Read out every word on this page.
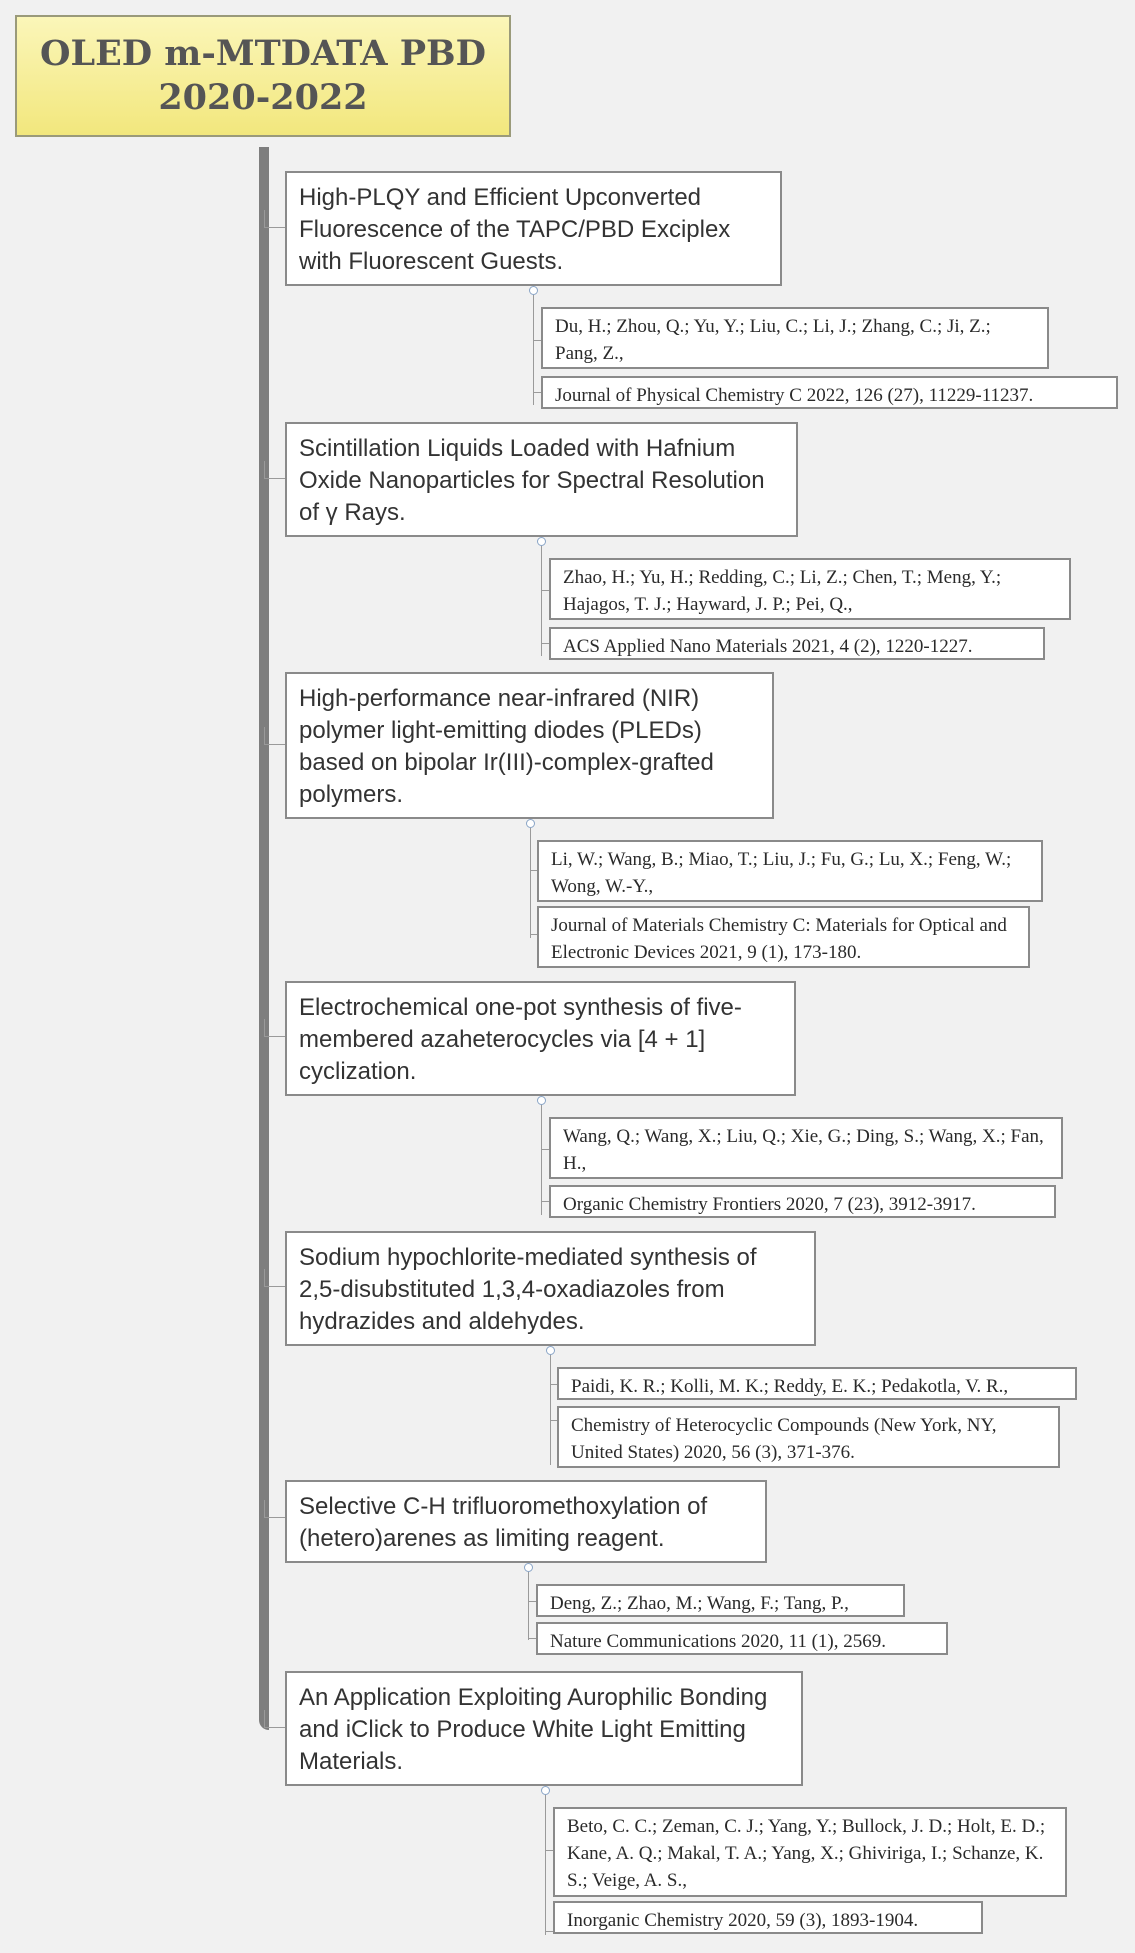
OLED m-MTDATA PBD
2020-2022
High-PLQY and Efficient Upconverted Fluorescence of the TAPC/PBD Exciplex with Fluorescent Guests.
Du, H.; Zhou, Q.; Yu, Y.; Liu, C.; Li, J.; Zhang, C.; Ji, Z.; Pang, Z.,
Journal of Physical Chemistry C 2022, 126 (27), 11229-11237.
Scintillation Liquids Loaded with Hafnium Oxide Nanoparticles for Spectral Resolution of γ Rays.
Zhao, H.; Yu, H.; Redding, C.; Li, Z.; Chen, T.; Meng, Y.; Hajagos, T. J.; Hayward, J. P.; Pei, Q.,
ACS Applied Nano Materials 2021, 4 (2), 1220-1227.
High-performance near-infrared (NIR) polymer light-emitting diodes (PLEDs) based on bipolar Ir(III)-complex-grafted polymers.
Li, W.; Wang, B.; Miao, T.; Liu, J.; Fu, G.; Lu, X.; Feng, W.; Wong, W.-Y.,
Journal of Materials Chemistry C: Materials for Optical and Electronic Devices 2021, 9 (1), 173-180.
Electrochemical one-pot synthesis of five-membered azaheterocycles via [4 + 1] cyclization.
Wang, Q.; Wang, X.; Liu, Q.; Xie, G.; Ding, S.; Wang, X.; Fan, H.,
Organic Chemistry Frontiers 2020, 7 (23), 3912-3917.
Sodium hypochlorite-mediated synthesis of 2,5-disubstituted 1,3,4-oxadiazoles from hydrazides and aldehydes.
Paidi, K. R.; Kolli, M. K.; Reddy, E. K.; Pedakotla, V. R.,
Chemistry of Heterocyclic Compounds (New York, NY, United States) 2020, 56 (3), 371-376.
Selective C-H trifluoromethoxylation of (hetero)arenes as limiting reagent.
Deng, Z.; Zhao, M.; Wang, F.; Tang, P.,
Nature Communications 2020, 11 (1), 2569.
An Application Exploiting Aurophilic Bonding and iClick to Produce White Light Emitting Materials.
Beto, C. C.; Zeman, C. J.; Yang, Y.; Bullock, J. D.; Holt, E. D.; Kane, A. Q.; Makal, T. A.; Yang, X.; Ghiviriga, I.; Schanze, K. S.; Veige, A. S.,
Inorganic Chemistry 2020, 59 (3), 1893-1904.
